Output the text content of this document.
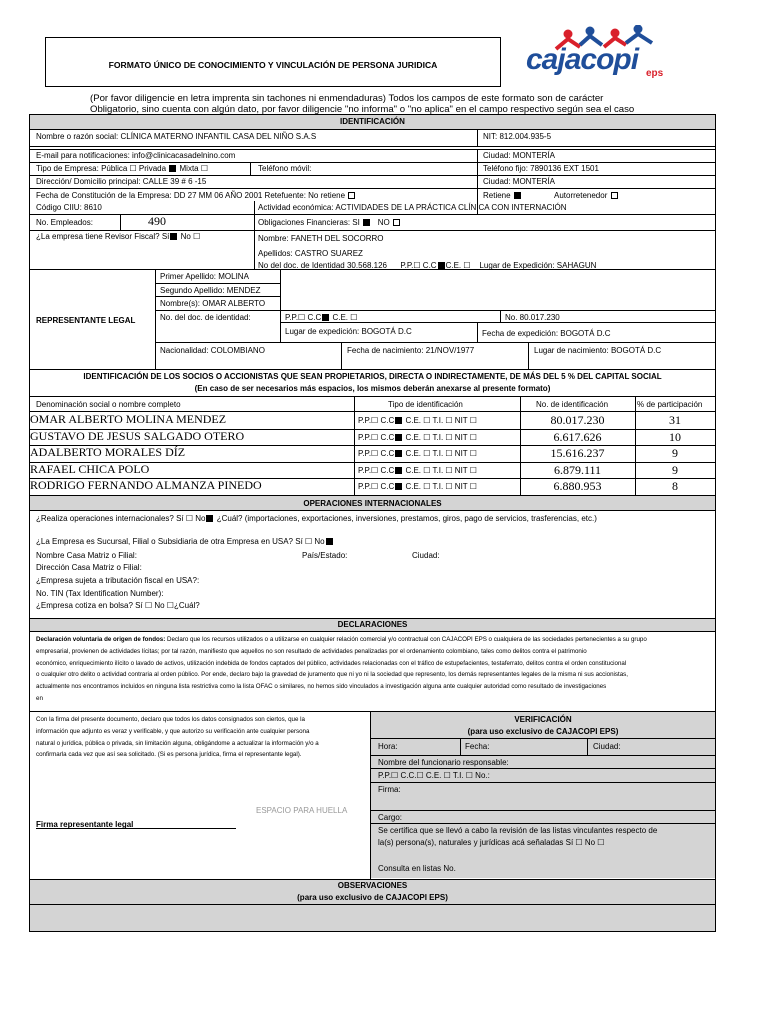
FORMATO ÚNICO DE CONOCIMIENTO Y VINCULACIÓN DE PERSONA JURIDICA	cajacopi eps
(Por favor diligencie en letra imprenta sin tachones ni enmendaduras) Todos los campos de este formato son de carácter
Obligatorio, sino cuenta con algún dato, por favor diligencie "no informa" o "no aplica" en el campo respectivo según sea el caso
IDENTIFICACIÓN
Nombre o razón social: CLÍNICA MATERNO INFANTIL CASA DEL NIÑO S.A.S	NIT: 812.004.935-5
E-mail para notificaciones: info@clinicacasadelnino.com	Ciudad: MONTERÍA
Tipo de Empresa: Pública ☐ Privada Mixta ☐	Teléfono móvil:	Teléfono fijo: 7890136 EXT 1501
Dirección/ Domicilio principal: CALLE 39 # 6 -15	Ciudad: MONTERÍA
Fecha de Constitución de la Empresa: DD 27 MM 06 AÑO 2001 Retefuente: No retiene	Retiene	Autorretenedor
Código CIIU: 8610	Actividad económica: ACTIVIDADES DE LA PRÁCTICA CLÍNICA CON INTERNACIÓN
No. Empleados:	490	Obligaciones Financieras: SI NO
¿La empresa tiene Revisor Fiscal? Sí No ☐	Nombre: FANETH DEL SOCORRO
Apellidos: CASTRO SUAREZ
No del doc. de Identidad 30.568.126 P.P.☐ C.C C.E. ☐ Lugar de Expedición: SAHAGUN
REPRESENTANTE LEGAL
Primer Apellido: MOLINA
Segundo Apellido: MENDEZ
Nombre(s): OMAR ALBERTO
No. del doc. de identidad:	P.P.☐ C.C C.E. ☐	No. 80.017.230
Lugar de expedición: BOGOTÁ D.C	Fecha de expedición: BOGOTÁ D.C
Nacionalidad: COLOMBIANO	Fecha de nacimiento: 21/NOV/1977	Lugar de nacimiento: BOGOTÁ D.C
IDENTIFICACIÓN DE LOS SOCIOS O ACCIONISTAS QUE SEAN PROPIETARIOS, DIRECTA O INDIRECTAMENTE, DE MÁS DEL 5 % DEL CAPITAL SOCIAL
(En caso de ser necesarios más espacios, los mismos deberán anexarse al presente formato)
Denominación social o nombre completo	Tipo de identificación	No. de identificación	% de participación
OMAR ALBERTO MOLINA MENDEZ	P.P.☐ C.C C.E. ☐ T.I. ☐ NIT ☐	80.017.230	31
GUSTAVO DE JESUS SALGADO OTERO	P.P.☐ C.C C.E. ☐ T.I. ☐ NIT ☐	6.617.626	10
ADALBERTO MORALES DÍZ	P.P.☐ C.C C.E. ☐ T.I. ☐ NIT ☐	15.616.237	9
RAFAEL CHICA POLO	P.P.☐ C.C C.E. ☐ T.I. ☐ NIT ☐	6.879.111	9
RODRIGO FERNANDO ALMANZA PINEDO	P.P.☐ C.C C.E. ☐ T.I. ☐ NIT ☐	6.880.953	8
OPERACIONES INTERNACIONALES
¿Realiza operaciones internacionales? Sí ☐ No ¿Cuál? (importaciones, exportaciones, inversiones, prestamos, giros, pago de servicios, trasferencias, etc.)
¿La Empresa es Sucursal, Filial o Subsidiaria de otra Empresa en USA? Sí ☐ No
Nombre Casa Matriz o Filial:	País/Estado:	Ciudad:
Dirección Casa Matriz o Filial:
¿Empresa sujeta a tributación fiscal en USA?:
No. TIN (Tax Identification Number):
¿Empresa cotiza en bolsa? Sí ☐ No ☐¿Cuál?
DECLARACIONES
Declaración voluntaria de origen de fondos: Declaro que los recursos utilizados o a utilizarse en cualquier relación comercial y/o contractual con CAJACOPI EPS o cualquiera de las sociedades pertenecientes a su grupo
empresarial, provienen de actividades lícitas; por tal razón, manifiesto que aquellos no son resultado de actividades penalizadas por el ordenamiento colombiano, tales como delitos contra el patrimonio
económico, enriquecimiento ilícito o lavado de activos, utilización indebida de fondos captados del público, actividades relacionadas con el tráfico de estupefacientes, testaferrato, delitos contra el orden constitucional
o cualquier otro delito o actividad contraria al orden público. Por ende, declaro bajo la gravedad de juramento que ni yo ni la sociedad que represento, los demás representantes legales de la misma ni sus accionistas,
actualmente nos encontramos incluidos en ninguna lista restrictiva como la lista OFAC o similares, no hemos sido vinculados a investigación alguna ante cualquier autoridad como resultado de investigaciones
en
Con la firma del presente documento, declaro que todos los datos consignados son ciertos, que la
información que adjunto es veraz y verificable, y que autorizo su verificación ante cualquier persona
natural o jurídica, pública o privada, sin limitación alguna, obligándome a actualizar la información y/o a
confirmarla cada vez que así sea solicitado. (Si es persona jurídica, firma el representante legal).
ESPACIO PARA HUELLA
Firma representante legal
VERIFICACIÓN
(para uso exclusivo de CAJACOPI EPS)
Hora:	Fecha:	Ciudad:
Nombre del funcionario responsable:
P.P.☐ C.C.☐ C.E. ☐ T.I. ☐ No.:
Firma:
Cargo:
Se certifica que se llevó a cabo la revisión de las listas vinculantes respecto de
la(s) persona(s), naturales y jurídicas acá señaladas Sí ☐ No ☐
Consulta en listas No.
OBSERVACIONES
(para uso exclusivo de CAJACOPI EPS)
